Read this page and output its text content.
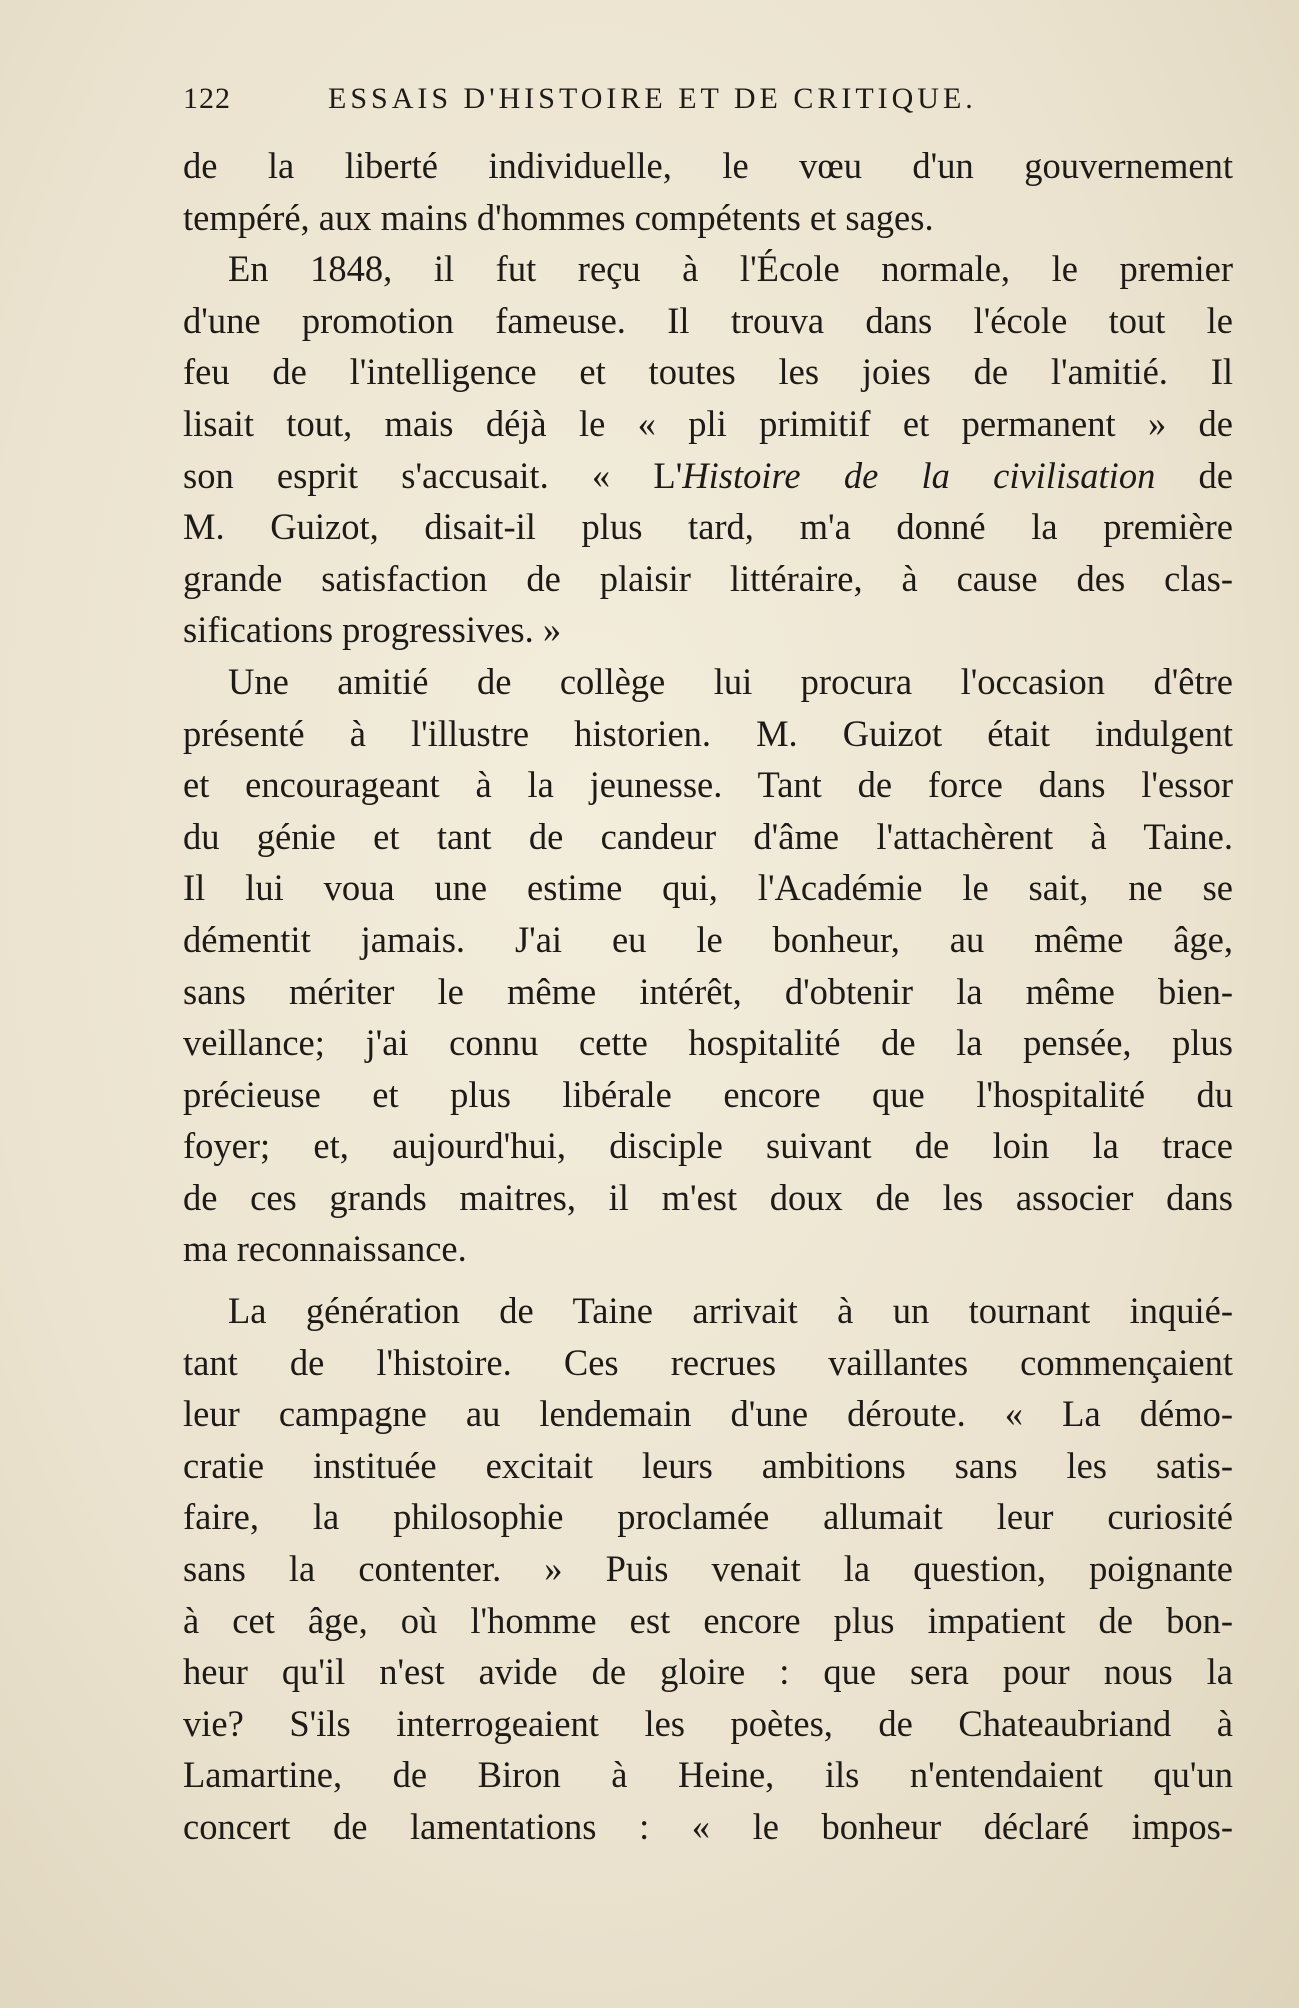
122	ESSAIS D'HISTOIRE ET DE CRITIQUE.
de la liberté individuelle, le vœu d'un gouvernement
tempéré, aux mains d'hommes compétents et sages.
En 1848, il fut reçu à l'École normale, le premier
d'une promotion fameuse. Il trouva dans l'école tout le
feu de l'intelligence et toutes les joies de l'amitié. Il
lisait tout, mais déjà le « pli primitif et permanent » de
son esprit s'accusait. « L'Histoire de la civilisation de
M. Guizot, disait-il plus tard, m'a donné la première
grande satisfaction de plaisir littéraire, à cause des clas-
sifications progressives. »
Une amitié de collège lui procura l'occasion d'être
présenté à l'illustre historien. M. Guizot était indulgent
et encourageant à la jeunesse. Tant de force dans l'essor
du génie et tant de candeur d'âme l'attachèrent à Taine.
Il lui voua une estime qui, l'Académie le sait, ne se
démentit jamais. J'ai eu le bonheur, au même âge,
sans mériter le même intérêt, d'obtenir la même bien-
veillance; j'ai connu cette hospitalité de la pensée, plus
précieuse et plus libérale encore que l'hospitalité du
foyer; et, aujourd'hui, disciple suivant de loin la trace
de ces grands maitres, il m'est doux de les associer dans
ma reconnaissance.
La génération de Taine arrivait à un tournant inquié-
tant de l'histoire. Ces recrues vaillantes commençaient
leur campagne au lendemain d'une déroute. « La démo-
cratie instituée excitait leurs ambitions sans les satis-
faire, la philosophie proclamée allumait leur curiosité
sans la contenter. » Puis venait la question, poignante
à cet âge, où l'homme est encore plus impatient de bon-
heur qu'il n'est avide de gloire : que sera pour nous la
vie? S'ils interrogeaient les poètes, de Chateaubriand à
Lamartine, de Biron à Heine, ils n'entendaient qu'un
concert de lamentations : « le bonheur déclaré impos-
